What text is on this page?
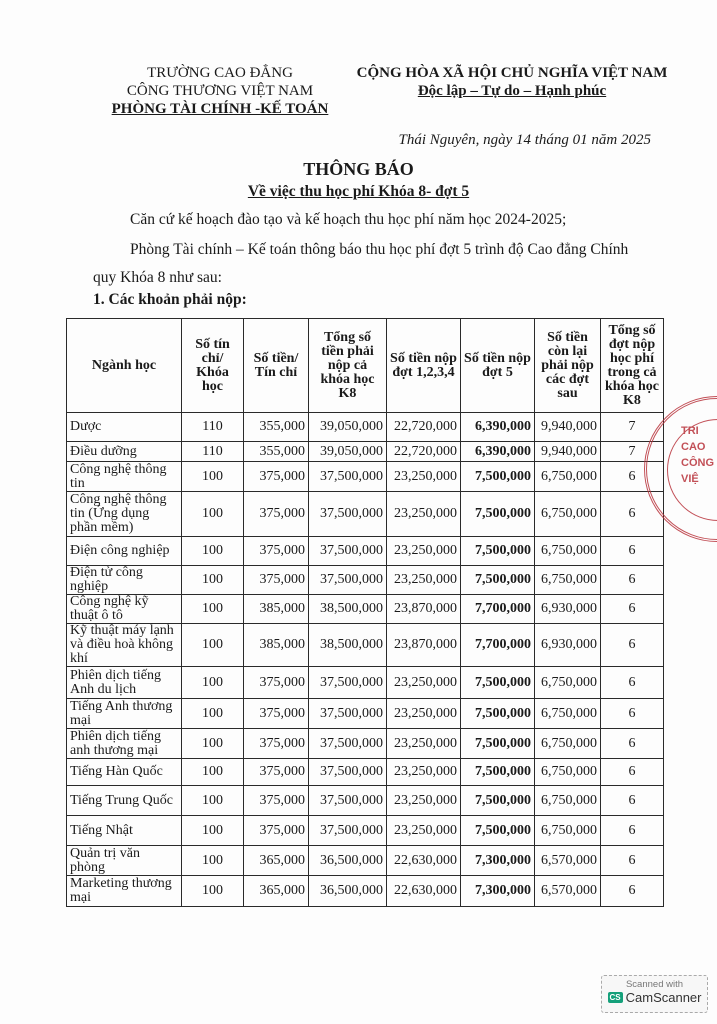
TRƯỜNG CAO ĐẲNG
CÔNG THƯƠNG VIỆT NAM
PHÒNG TÀI CHÍNH -KẾ TOÁN
CỘNG HÒA XÃ HỘI CHỦ NGHĨA VIỆT NAM
Độc lập – Tự do – Hạnh phúc
Thái Nguyên, ngày 14 tháng 01 năm 2025
THÔNG BÁO
Về việc thu học phí Khóa 8- đợt 5
Căn cứ kế hoạch đào tạo và kế hoạch thu học phí năm học 2024-2025;
Phòng Tài chính – Kế toán thông báo thu học phí đợt 5 trình độ Cao đẳng Chính
quy Khóa 8 như sau:
1. Các khoản phải nộp:
Ngành học	Số tín chỉ/ Khóa học	Số tiền/ Tín chỉ	Tổng số tiền phải nộp cả khóa học K8	Số tiền nộp đợt 1,2,3,4	Số tiền nộp đợt 5	Số tiền còn lại phải nộp các đợt sau	Tổng số đợt nộp học phí trong cả khóa học K8
Dược	110	355,000	39,050,000	22,720,000	6,390,000	9,940,000	7
Điều dưỡng	110	355,000	39,050,000	22,720,000	6,390,000	9,940,000	7
Công nghệ thông tin	100	375,000	37,500,000	23,250,000	7,500,000	6,750,000	6
Công nghệ thông tin (Ứng dụng phần mềm)	100	375,000	37,500,000	23,250,000	7,500,000	6,750,000	6
Điện công nghiệp	100	375,000	37,500,000	23,250,000	7,500,000	6,750,000	6
Điện tử công nghiệp	100	375,000	37,500,000	23,250,000	7,500,000	6,750,000	6
Công nghệ kỹ thuật ô tô	100	385,000	38,500,000	23,870,000	7,700,000	6,930,000	6
Kỹ thuật máy lạnh và điều hoà không khí	100	385,000	38,500,000	23,870,000	7,700,000	6,930,000	6
Phiên dịch tiếng Anh du lịch	100	375,000	37,500,000	23,250,000	7,500,000	6,750,000	6
Tiếng Anh thương mại	100	375,000	37,500,000	23,250,000	7,500,000	6,750,000	6
Phiên dịch tiếng anh thương mại	100	375,000	37,500,000	23,250,000	7,500,000	6,750,000	6
Tiếng Hàn Quốc	100	375,000	37,500,000	23,250,000	7,500,000	6,750,000	6
Tiếng Trung Quốc	100	375,000	37,500,000	23,250,000	7,500,000	6,750,000	6
Tiếng Nhật	100	375,000	37,500,000	23,250,000	7,500,000	6,750,000	6
Quản trị văn phòng	100	365,000	36,500,000	22,630,000	7,300,000	6,570,000	6
Marketing thương mại	100	365,000	36,500,000	22,630,000	7,300,000	6,570,000	6
TRI
CAO
CÔNG
VIỆ
Scanned with
CS CamScanner
